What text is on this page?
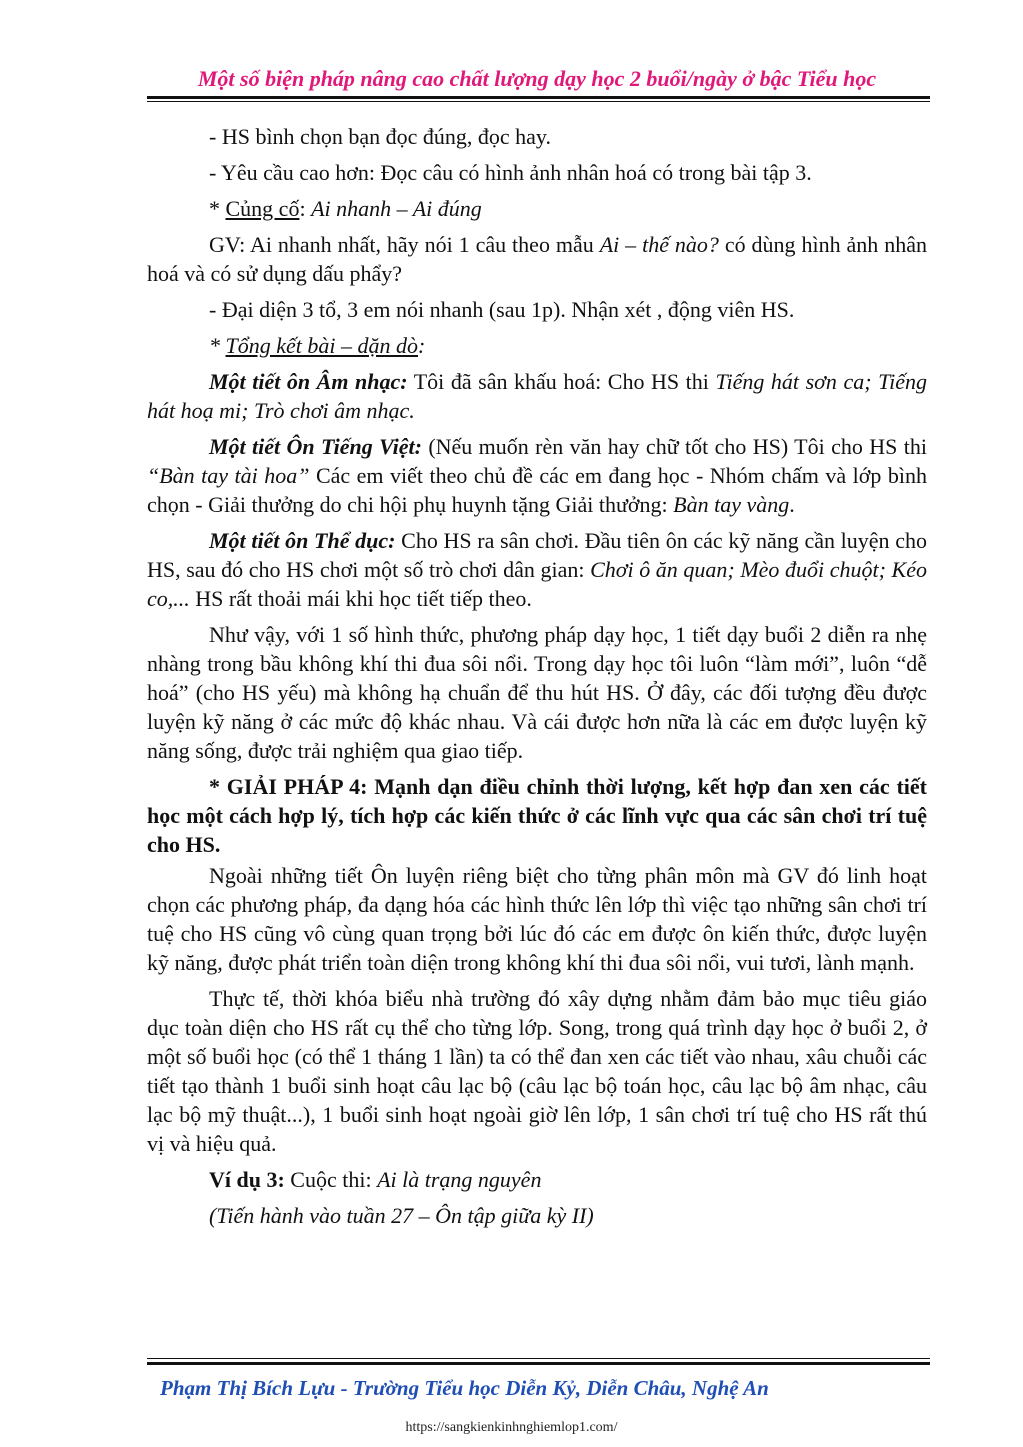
Một số biện pháp nâng cao chất lượng dạy học 2 buổi/ngày ở bậc Tiểu học

- HS bình chọn bạn đọc đúng, đọc hay.

- Yêu cầu cao hơn: Đọc câu có hình ảnh nhân hoá có trong bài tập 3.

* Củng cố: Ai nhanh – Ai đúng

GV: Ai nhanh nhất, hãy nói 1 câu theo mẫu Ai – thế nào? có dùng hình ảnh nhân hoá và có sử dụng dấu phẩy?

- Đại diện 3 tổ, 3 em nói nhanh (sau 1p). Nhận xét , động viên HS.

* Tổng kết bài – dặn dò:

Một tiết ôn Âm nhạc: Tôi đã sân khấu hoá: Cho HS thi Tiếng hát sơn ca; Tiếng hát hoạ mi; Trò chơi âm nhạc.

Một tiết Ôn Tiếng Việt: (Nếu muốn rèn văn hay chữ tốt cho HS) Tôi cho HS thi “Bàn tay tài hoa” Các em viết theo chủ đề các em đang học - Nhóm chấm và lớp bình chọn - Giải thưởng do chi hội phụ huynh tặng Giải thưởng: Bàn tay vàng.

Một tiết ôn Thể dục: Cho HS ra sân chơi. Đầu tiên ôn các kỹ năng cần luyện cho HS, sau đó cho HS chơi một số trò chơi dân gian: Chơi ô ăn quan; Mèo đuổi chuột; Kéo co,... HS rất thoải mái khi học tiết tiếp theo.

Như vậy, với 1 số hình thức, phương pháp dạy học, 1 tiết dạy buổi 2 diễn ra nhẹ nhàng trong bầu không khí thi đua sôi nổi. Trong dạy học tôi luôn “làm mới”, luôn “dễ hoá” (cho HS yếu) mà không hạ chuẩn để thu hút HS. Ở đây, các đối tượng đều được luyện kỹ năng ở các mức độ khác nhau. Và cái được hơn nữa là các em được luyện kỹ năng sống, được trải nghiệm qua giao tiếp.

* GIẢI PHÁP 4: Mạnh dạn điều chỉnh thời lượng, kết hợp đan xen các tiết học một cách hợp lý, tích hợp các kiến thức ở các lĩnh vực qua các sân chơi trí tuệ cho HS.

Ngoài những tiết Ôn luyện riêng biệt cho từng phân môn mà GV đó linh hoạt chọn các phương pháp, đa dạng hóa các hình thức lên lớp thì việc tạo những sân chơi trí tuệ cho HS cũng vô cùng quan trọng bởi lúc đó các em được ôn kiến thức, được luyện kỹ năng, được phát triển toàn diện trong không khí thi đua sôi nổi, vui tươi, lành mạnh.

Thực tế, thời khóa biểu nhà trường đó xây dựng nhằm đảm bảo mục tiêu giáo dục toàn diện cho HS rất cụ thể cho từng lớp. Song, trong quá trình dạy học ở buổi 2, ở một số buổi học (có thể 1 tháng 1 lần) ta có thể đan xen các tiết vào nhau, xâu chuỗi các tiết tạo thành 1 buổi sinh hoạt câu lạc bộ (câu lạc bộ toán học, câu lạc bộ âm nhạc, câu lạc bộ mỹ thuật...), 1 buổi sinh hoạt ngoài giờ lên lớp, 1 sân chơi trí tuệ cho HS rất thú vị và hiệu quả.

Ví dụ 3: Cuộc thi: Ai là trạng nguyên

(Tiến hành vào tuần 27 – Ôn tập giữa kỳ II)

Phạm Thị Bích Lựu - Trường Tiểu học Diễn Kỷ, Diễn Châu, Nghệ An
https://sangkienkinhnghiemlop1.com/
